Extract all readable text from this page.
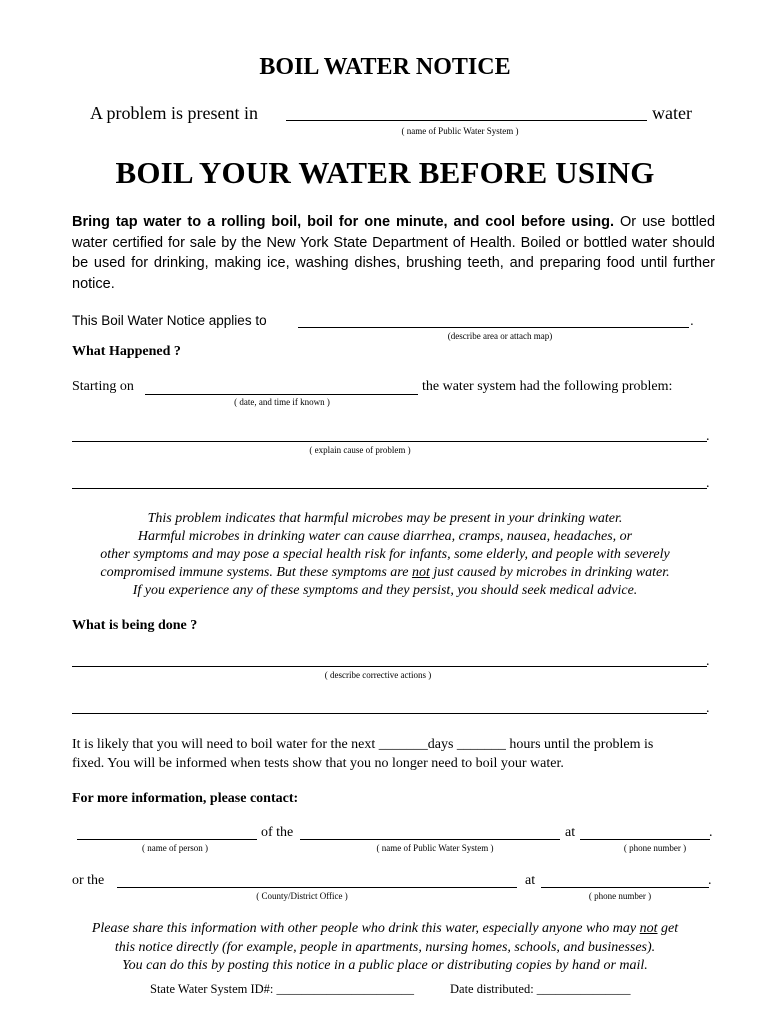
BOIL WATER NOTICE
A problem is present in	water
( name of Public Water System )
BOIL YOUR WATER BEFORE USING
Bring tap water to a rolling boil, boil for one minute, and cool before using. Or use bottled water certified for sale by the New York State Department of Health. Boiled or bottled water should be used for drinking, making ice, washing dishes, brushing teeth, and preparing food until further notice.
This Boil Water Notice applies to	.
(describe area or attach map)
What Happened ?
Starting on	the water system had the following problem:
( date, and time if known )
.
( explain cause of problem )
.
This problem indicates that harmful microbes may be present in your drinking water.
Harmful microbes in drinking water can cause diarrhea, cramps, nausea, headaches, or
other symptoms and may pose a special health risk for infants, some elderly, and people with severely
compromised immune systems. But these symptoms are not just caused by microbes in drinking water.
If you experience any of these symptoms and they persist, you should seek medical advice.
What is being done ?
.
( describe corrective actions )
.
It is likely that you will need to boil water for the next _______days _______ hours until the problem is
fixed. You will be informed when tests show that you no longer need to boil your water.
For more information, please contact:
of the	at	.
( name of person )	( name of Public Water System )	( phone number )
or the	at	.
( County/District Office )	( phone number )
Please share this information with other people who drink this water, especially anyone who may not get
this notice directly (for example, people in apartments, nursing homes, schools, and businesses).
You can do this by posting this notice in a public place or distributing copies by hand or mail.
State Water System ID#: ______________________	Date distributed: _______________
